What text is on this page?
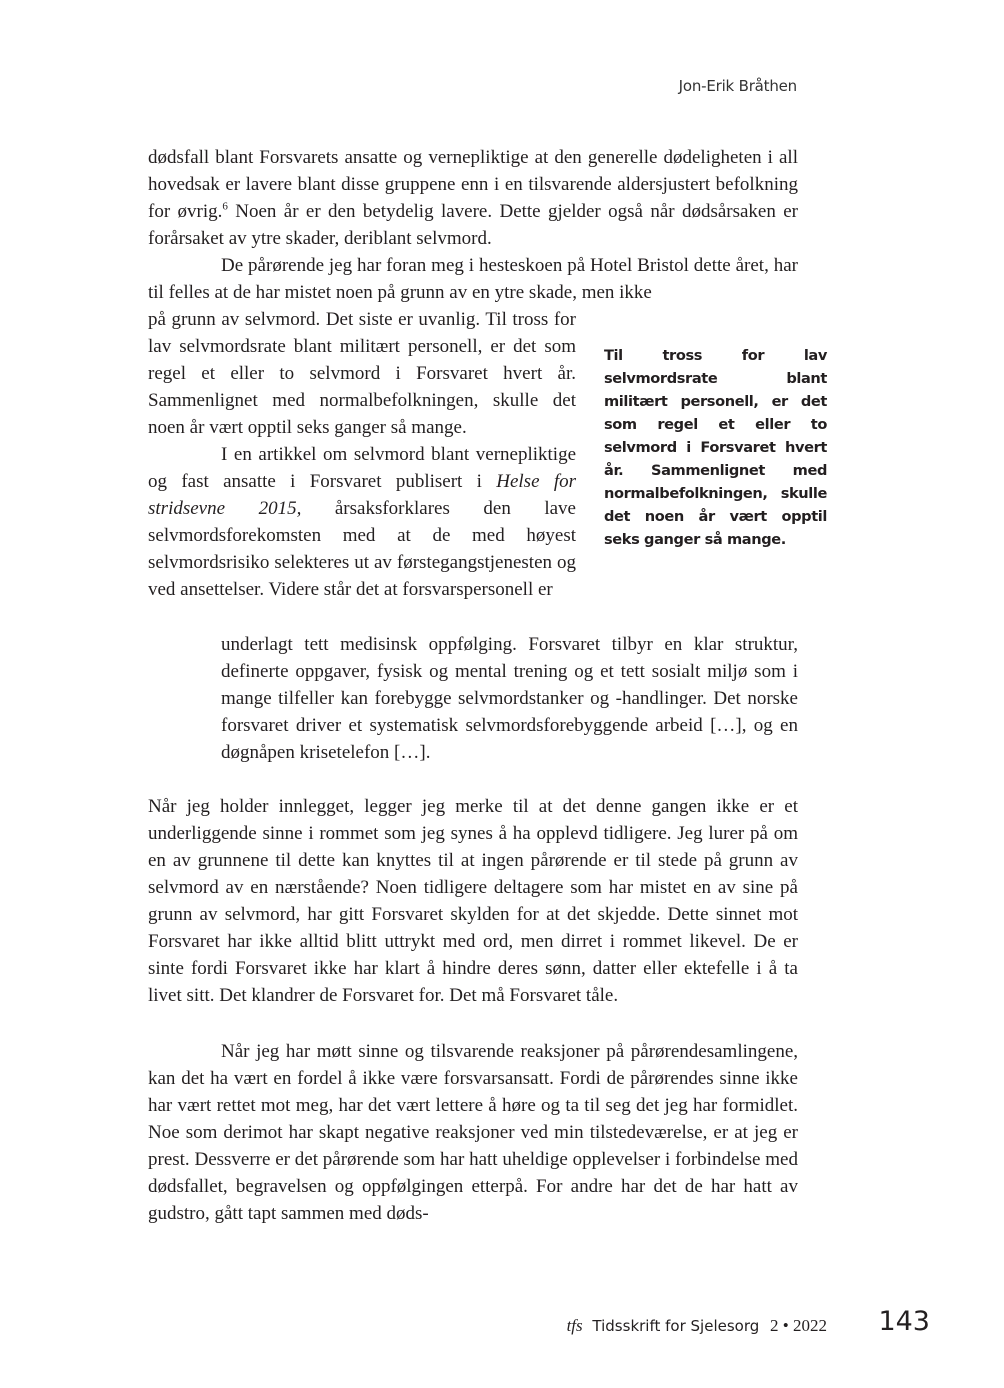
Jon-Erik Bråthen

dødsfall blant Forsvarets ansatte og vernepliktige at den generelle dødeligheten i all hovedsak er lavere blant disse gruppene enn i en tilsvarende aldersjustert befolkning for øvrig.$^6$ Noen år er den betydelig lavere. Dette gjelder også når dødsårsaken er forårsaket av ytre skader, deriblant selvmord.

De pårørende jeg har foran meg i hesteskoen på Hotel Bristol dette året, har til felles at de har mistet noen på grunn av en ytre skade, men ikke

på grunn av selvmord. Det siste er uvanlig. Til tross for lav selvmordsrate blant militært personell, er det som regel et eller to selvmord i Forsvaret hvert år. Sammenlignet med normalbefolkningen, skulle det noen år vært opptil seks ganger så mange.

I en artikkel om selvmord blant vernepliktige og fast ansatte i Forsvaret publisert i Helse for stridsevne 2015, årsaksforklares den lave selvmordsforekomsten med at de med høyest selvmordsrisiko selekteres ut av førstegangstjenesten og ved ansettelser. Videre står det at forsvarspersonell er

Til tross for lav selvmordsrate blant militært personell, er det som regel et eller to selvmord i Forsvaret hvert år. Sammenlignet med normalbefolkningen, skulle det noen år vært opptil seks ganger så mange.

underlagt tett medisinsk oppfølging. Forsvaret tilbyr en klar struktur, definerte oppgaver, fysisk og mental trening og et tett sosialt miljø som i mange tilfeller kan forebygge selvmordstanker og -handlinger. Det norske forsvaret driver et systematisk selvmordsforebyggende arbeid […], og en døgnåpen krisetelefon […].

Når jeg holder innlegget, legger jeg merke til at det denne gangen ikke er et underliggende sinne i rommet som jeg synes å ha opplevd tidligere. Jeg lurer på om en av grunnene til dette kan knyttes til at ingen pårørende er til stede på grunn av selvmord av en nærstående? Noen tidligere deltagere som har mistet en av sine på grunn av selvmord, har gitt Forsvaret skylden for at det skjedde. Dette sinnet mot Forsvaret har ikke alltid blitt uttrykt med ord, men dirret i rommet likevel. De er sinte fordi Forsvaret ikke har klart å hindre deres sønn, datter eller ektefelle i å ta livet sitt. Det klandrer de Forsvaret for. Det må Forsvaret tåle.

Når jeg har møtt sinne og tilsvarende reaksjoner på pårørendesamlingene, kan det ha vært en fordel å ikke være forsvarsansatt. Fordi de pårørendes sinne ikke har vært rettet mot meg, har det vært lettere å høre og ta til seg det jeg har formidlet. Noe som derimot har skapt negative reaksjoner ved min tilstedeværelse, er at jeg er prest. Dessverre er det pårørende som har hatt uheldige opplevelser i forbindelse med dødsfallet, begravelsen og oppfølgingen etterpå. For andre har det de har hatt av gudstro, gått tapt sammen med døds-

tfs Tidsskrift for Sjelesorg 2 • 2022 143
